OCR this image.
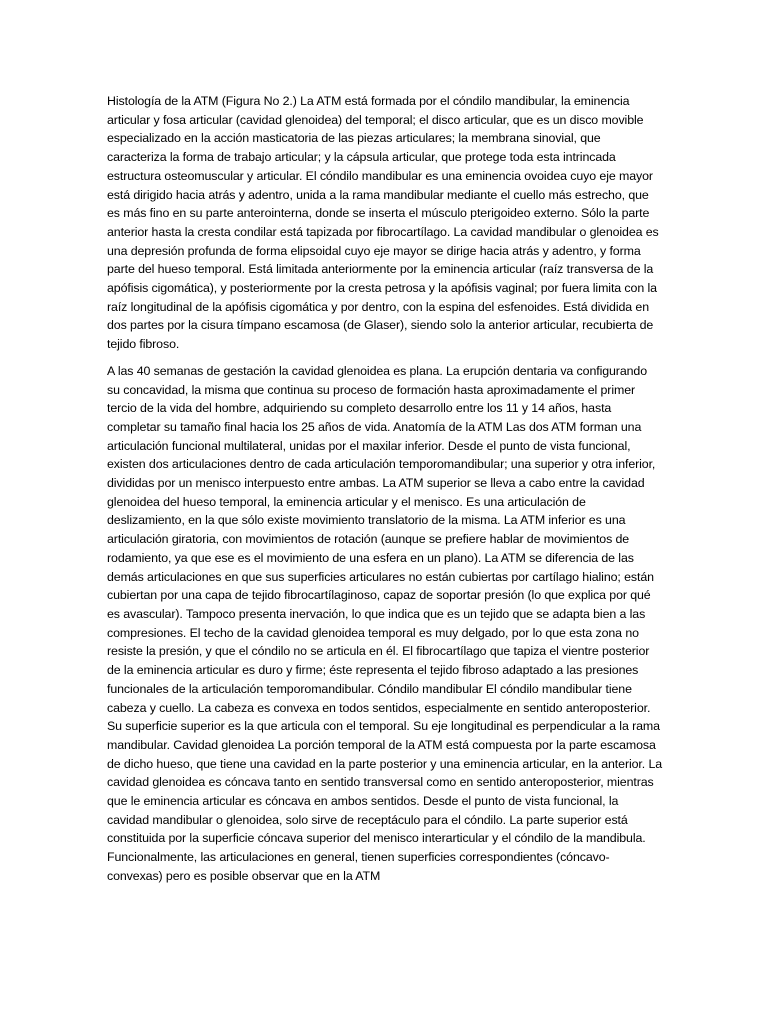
Histología de la ATM (Figura No 2.) La ATM está formada por el cóndilo mandibular, la eminencia articular y fosa articular (cavidad glenoidea) del temporal; el disco articular, que es un disco movible especializado en la acción masticatoria de las piezas articulares; la membrana sinovial, que caracteriza la forma de trabajo articular; y la cápsula articular, que protege toda esta intrincada estructura osteomuscular y articular. El cóndilo mandibular es una eminencia ovoidea cuyo eje mayor está dirigido hacia atrás y adentro, unida a la rama mandibular mediante el cuello más estrecho, que es más fino en su parte anterointerna, donde se inserta el músculo pterigoideo externo. Sólo la parte anterior hasta la cresta condilar está tapizada por fibrocartílago. La cavidad mandibular o glenoidea es una depresión profunda de forma elipsoidal cuyo eje mayor se dirige hacia atrás y adentro, y forma parte del hueso temporal. Está limitada anteriormente por la eminencia articular (raíz transversa de la apófisis cigomática), y posteriormente por la cresta petrosa y la apófisis vaginal; por fuera limita con la raíz longitudinal de la apófisis cigomática y por dentro, con la espina del esfenoides. Está dividida en dos partes por la cisura tímpano escamosa (de Glaser), siendo solo la anterior articular, recubierta de tejido fibroso.

A las 40 semanas de gestación la cavidad glenoidea es plana. La erupción dentaria va configurando su concavidad, la misma que continua su proceso de formación hasta aproximadamente el primer tercio de la vida del hombre, adquiriendo su completo desarrollo entre los 11 y 14 años, hasta completar su tamaño final hacia los 25 años de vida. Anatomía de la ATM Las dos ATM forman una articulación funcional multilateral, unidas por el maxilar inferior. Desde el punto de vista funcional, existen dos articulaciones dentro de cada articulación temporomandibular; una superior y otra inferior, divididas por un menisco interpuesto entre ambas. La ATM superior se lleva a cabo entre la cavidad glenoidea del hueso temporal, la eminencia articular y el menisco. Es una articulación de deslizamiento, en la que sólo existe movimiento translatorio de la misma. La ATM inferior es una articulación giratoria, con movimientos de rotación (aunque se prefiere hablar de movimientos de rodamiento, ya que ese es el movimiento de una esfera en un plano). La ATM se diferencia de las demás articulaciones en que sus superficies articulares no están cubiertas por cartílago hialino; están cubiertan por una capa de tejido fibrocartílaginoso, capaz de soportar presión (lo que explica por qué es avascular). Tampoco presenta inervación, lo que indica que es un tejido que se adapta bien a las compresiones. El techo de la cavidad glenoidea temporal es muy delgado, por lo que esta zona no resiste la presión, y que el cóndilo no se articula en él. El fibrocartílago que tapiza el vientre posterior de la eminencia articular es duro y firme; éste representa el tejido fibroso adaptado a las presiones funcionales de la articulación temporomandibular. Cóndilo mandibular El cóndilo mandibular tiene cabeza y cuello. La cabeza es convexa en todos sentidos, especialmente en sentido anteroposterior. Su superficie superior es la que articula con el temporal. Su eje longitudinal es perpendicular a la rama mandibular. Cavidad glenoidea La porción temporal de la ATM está compuesta por la parte escamosa de dicho hueso, que tiene una cavidad en la parte posterior y una eminencia articular, en la anterior. La cavidad glenoidea es cóncava tanto en sentido transversal como en sentido anteroposterior, mientras que le eminencia articular es cóncava en ambos sentidos. Desde el punto de vista funcional, la cavidad mandibular o glenoidea, solo sirve de receptáculo para el cóndilo. La parte superior está constituida por la superficie cóncava superior del menisco interarticular y el cóndilo de la mandibula. Funcionalmente, las articulaciones en general, tienen superficies correspondientes (cóncavo-convexas) pero es posible observar que en la ATM
